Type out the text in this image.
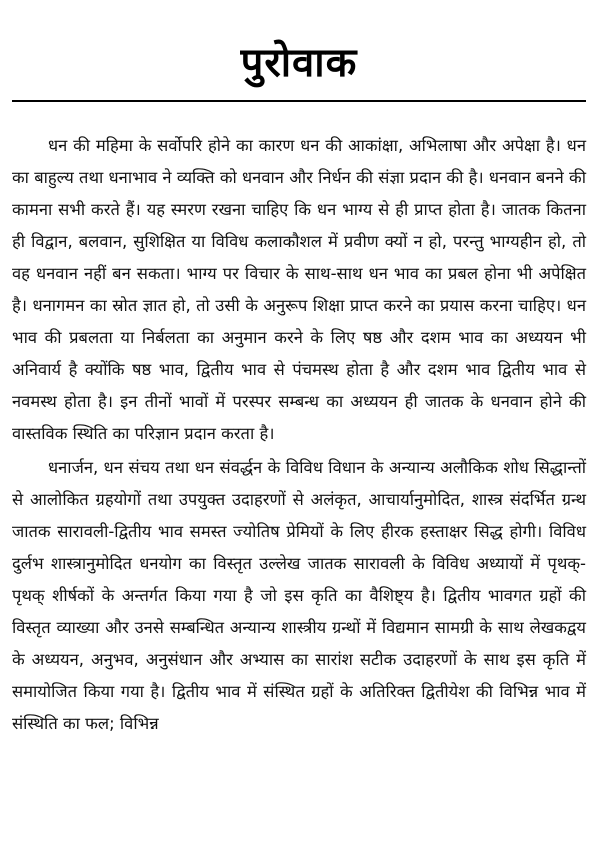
पुरोवाक

धन की महिमा के सर्वोपरि होने का कारण धन की आकांक्षा, अभिलाषा और अपेक्षा है। धन का बाहुल्य तथा धनाभाव ने व्यक्ति को धनवान और निर्धन की संज्ञा प्रदान की है। धनवान बनने की कामना सभी करते हैं। यह स्मरण रखना चाहिए कि धन भाग्य से ही प्राप्त होता है। जातक कितना ही विद्वान, बलवान, सुशिक्षित या विविध कलाकौशल में प्रवीण क्यों न हो, परन्तु भाग्यहीन हो, तो वह धनवान नहीं बन सकता। भाग्य पर विचार के साथ-साथ धन भाव का प्रबल होना भी अपेक्षित है। धनागमन का स्रोत ज्ञात हो, तो उसी के अनुरूप शिक्षा प्राप्त करने का प्रयास करना चाहिए। धन भाव की प्रबलता या निर्बलता का अनुमान करने के लिए षष्ठ और दशम भाव का अध्ययन भी अनिवार्य है क्योंकि षष्ठ भाव, द्वितीय भाव से पंचमस्थ होता है और दशम भाव द्वितीय भाव से नवमस्थ होता है। इन तीनों भावों में परस्पर सम्बन्ध का अध्ययन ही जातक के धनवान होने की वास्तविक स्थिति का परिज्ञान प्रदान करता है।

धनार्जन, धन संचय तथा धन संवर्द्धन के विविध विधान के अन्यान्य अलौकिक शोध सिद्धान्तों से आलोकित ग्रहयोगों तथा उपयुक्त उदाहरणों से अलंकृत, आचार्यानुमोदित, शास्त्र संदर्भित ग्रन्थ जातक सारावली-द्वितीय भाव समस्त ज्योतिष प्रेमियों के लिए हीरक हस्ताक्षर सिद्ध होगी। विविध दुर्लभ शास्त्रानुमोदित धनयोग का विस्तृत उल्लेख जातक सारावली के विविध अध्यायों में पृथक्-पृथक् शीर्षकों के अन्तर्गत किया गया है जो इस कृति का वैशिष्ट्य है। द्वितीय भावगत ग्रहों की विस्तृत व्याख्या और उनसे सम्बन्धित अन्यान्य शास्त्रीय ग्रन्थों में विद्यमान सामग्री के साथ लेखकद्वय के अध्ययन, अनुभव, अनुसंधान और अभ्यास का सारांश सटीक उदाहरणों के साथ इस कृति में समायोजित किया गया है। द्वितीय भाव में संस्थित ग्रहों के अतिरिक्त द्वितीयेश की विभिन्न भाव में संस्थिति का फल; विभिन्न
